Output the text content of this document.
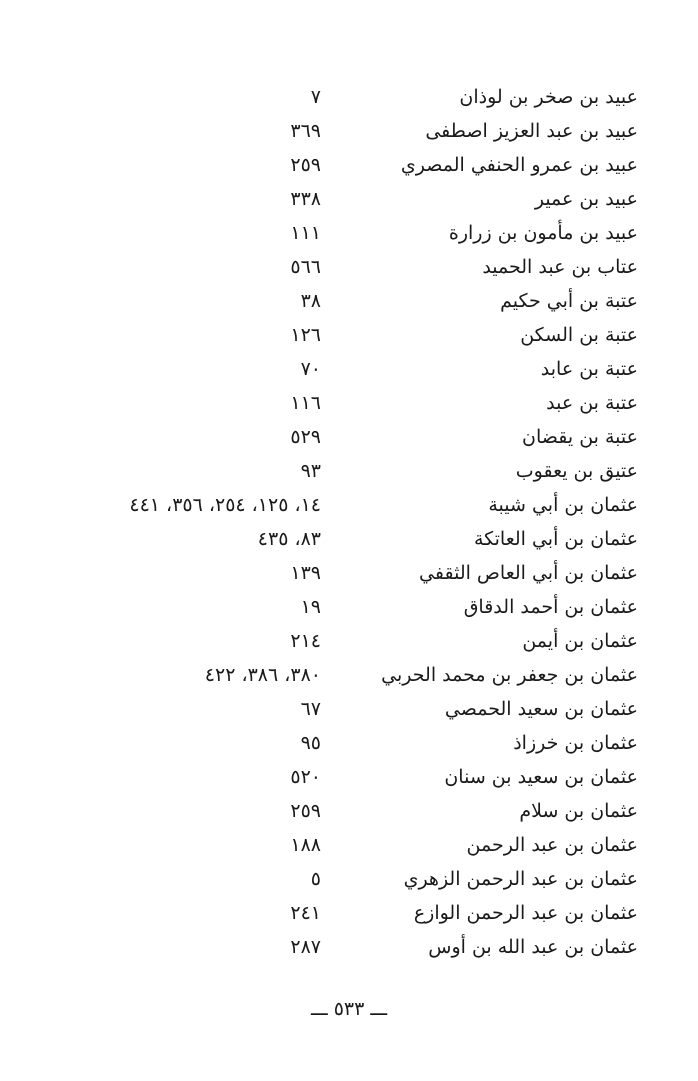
عبيد بن صخر بن لوذان
٧
عبيد بن عبد العزيز اصطفى
٣٦٩
عبيد بن عمرو الحنفي المصري
٢٥٩
عبيد بن عمير
٣٣٨
عبيد بن مأمون بن زرارة
١١١
عتاب بن عبد الحميد
٥٦٦
عتبة بن أبي حكيم
٣٨
عتبة بن السكن
١٢٦
عتبة بن عابد
٧٠
عتبة بن عبد
١١٦
عتبة بن يقضان
٥٢٩
عتيق بن يعقوب
٩٣
عثمان بن أبي شيبة
١٤، ١٢٥، ٢٥٤، ٣٥٦، ٤٤١
عثمان بن أبي العاتكة
٨٣، ٤٣٥
عثمان بن أبي العاص الثقفي
١٣٩
عثمان بن أحمد الدقاق
١٩
عثمان بن أيمن
٢١٤
عثمان بن جعفر بن محمد الحربي
٣٨٠، ٣٨٦، ٤٢٢
عثمان بن سعيد الحمصي
٦٧
عثمان بن خرزاذ
٩٥
عثمان بن سعيد بن سنان
٥٢٠
عثمان بن سلام
٢٥٩
عثمان بن عبد الرحمن
١٨٨
عثمان بن عبد الرحمن الزهري
٥
عثمان بن عبد الرحمن الوازع
٢٤١
عثمان بن عبد الله بن أوس
٢٨٧
ـــ ٥٣٣ ـــ
